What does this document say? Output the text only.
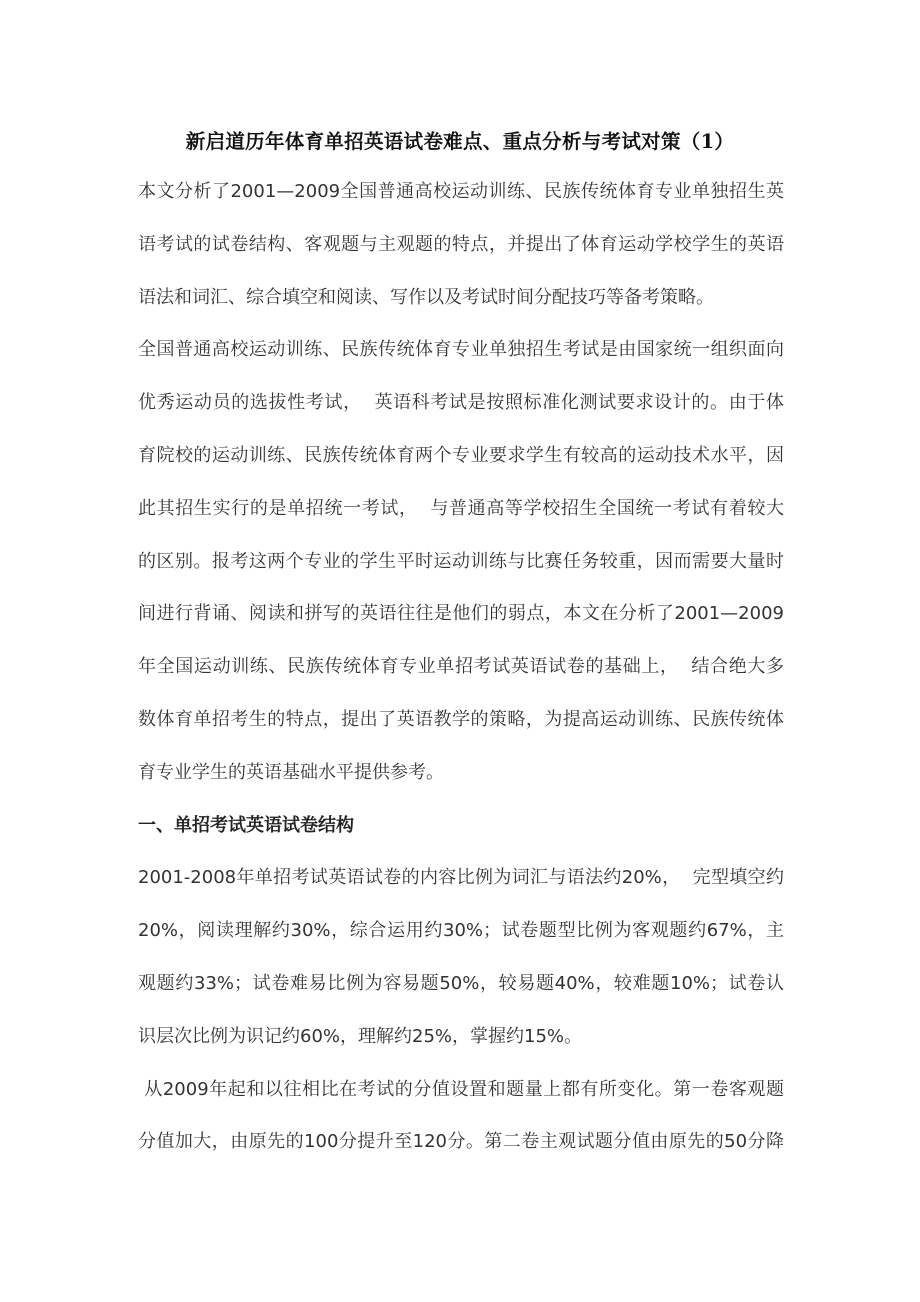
新启道历年体育单招英语试卷难点、重点分析与考试对策（1）
本文分析了2001—2009全国普通高校运动训练、民族传统体育专业单独招生英
语考试的试卷结构、客观题与主观题的特点，并提出了体育运动学校学生的英语
语法和词汇、综合填空和阅读、写作以及考试时间分配技巧等备考策略。
全国普通高校运动训练、民族传统体育专业单独招生考试是由国家统一组织面向
优秀运动员的选拔性考试，  英语科考试是按照标准化测试要求设计的。由于体
育院校的运动训练、民族传统体育两个专业要求学生有较高的运动技术水平，因
此其招生实行的是单招统一考试，  与普通高等学校招生全国统一考试有着较大
的区别。报考这两个专业的学生平时运动训练与比赛任务较重，因而需要大量时
间进行背诵、阅读和拼写的英语往往是他们的弱点，本文在分析了2001—2009
年全国运动训练、民族传统体育专业单招考试英语试卷的基础上，  结合绝大多
数体育单招考生的特点，提出了英语教学的策略，为提高运动训练、民族传统体
育专业学生的英语基础水平提供参考。
一、单招考试英语试卷结构
2001-2008年单招考试英语试卷的内容比例为词汇与语法约20%，  完型填空约
20%，阅读理解约30%，综合运用约30%；试卷题型比例为客观题约67%，主
观题约33%；试卷难易比例为容易题50%，较易题40%，较难题10%；试卷认
识层次比例为识记约60%，理解约25%，掌握约15%。
从2009年起和以往相比在考试的分值设置和题量上都有所变化。第一卷客观题
分值加大，由原先的100分提升至120分。第二卷主观试题分值由原先的50分降
